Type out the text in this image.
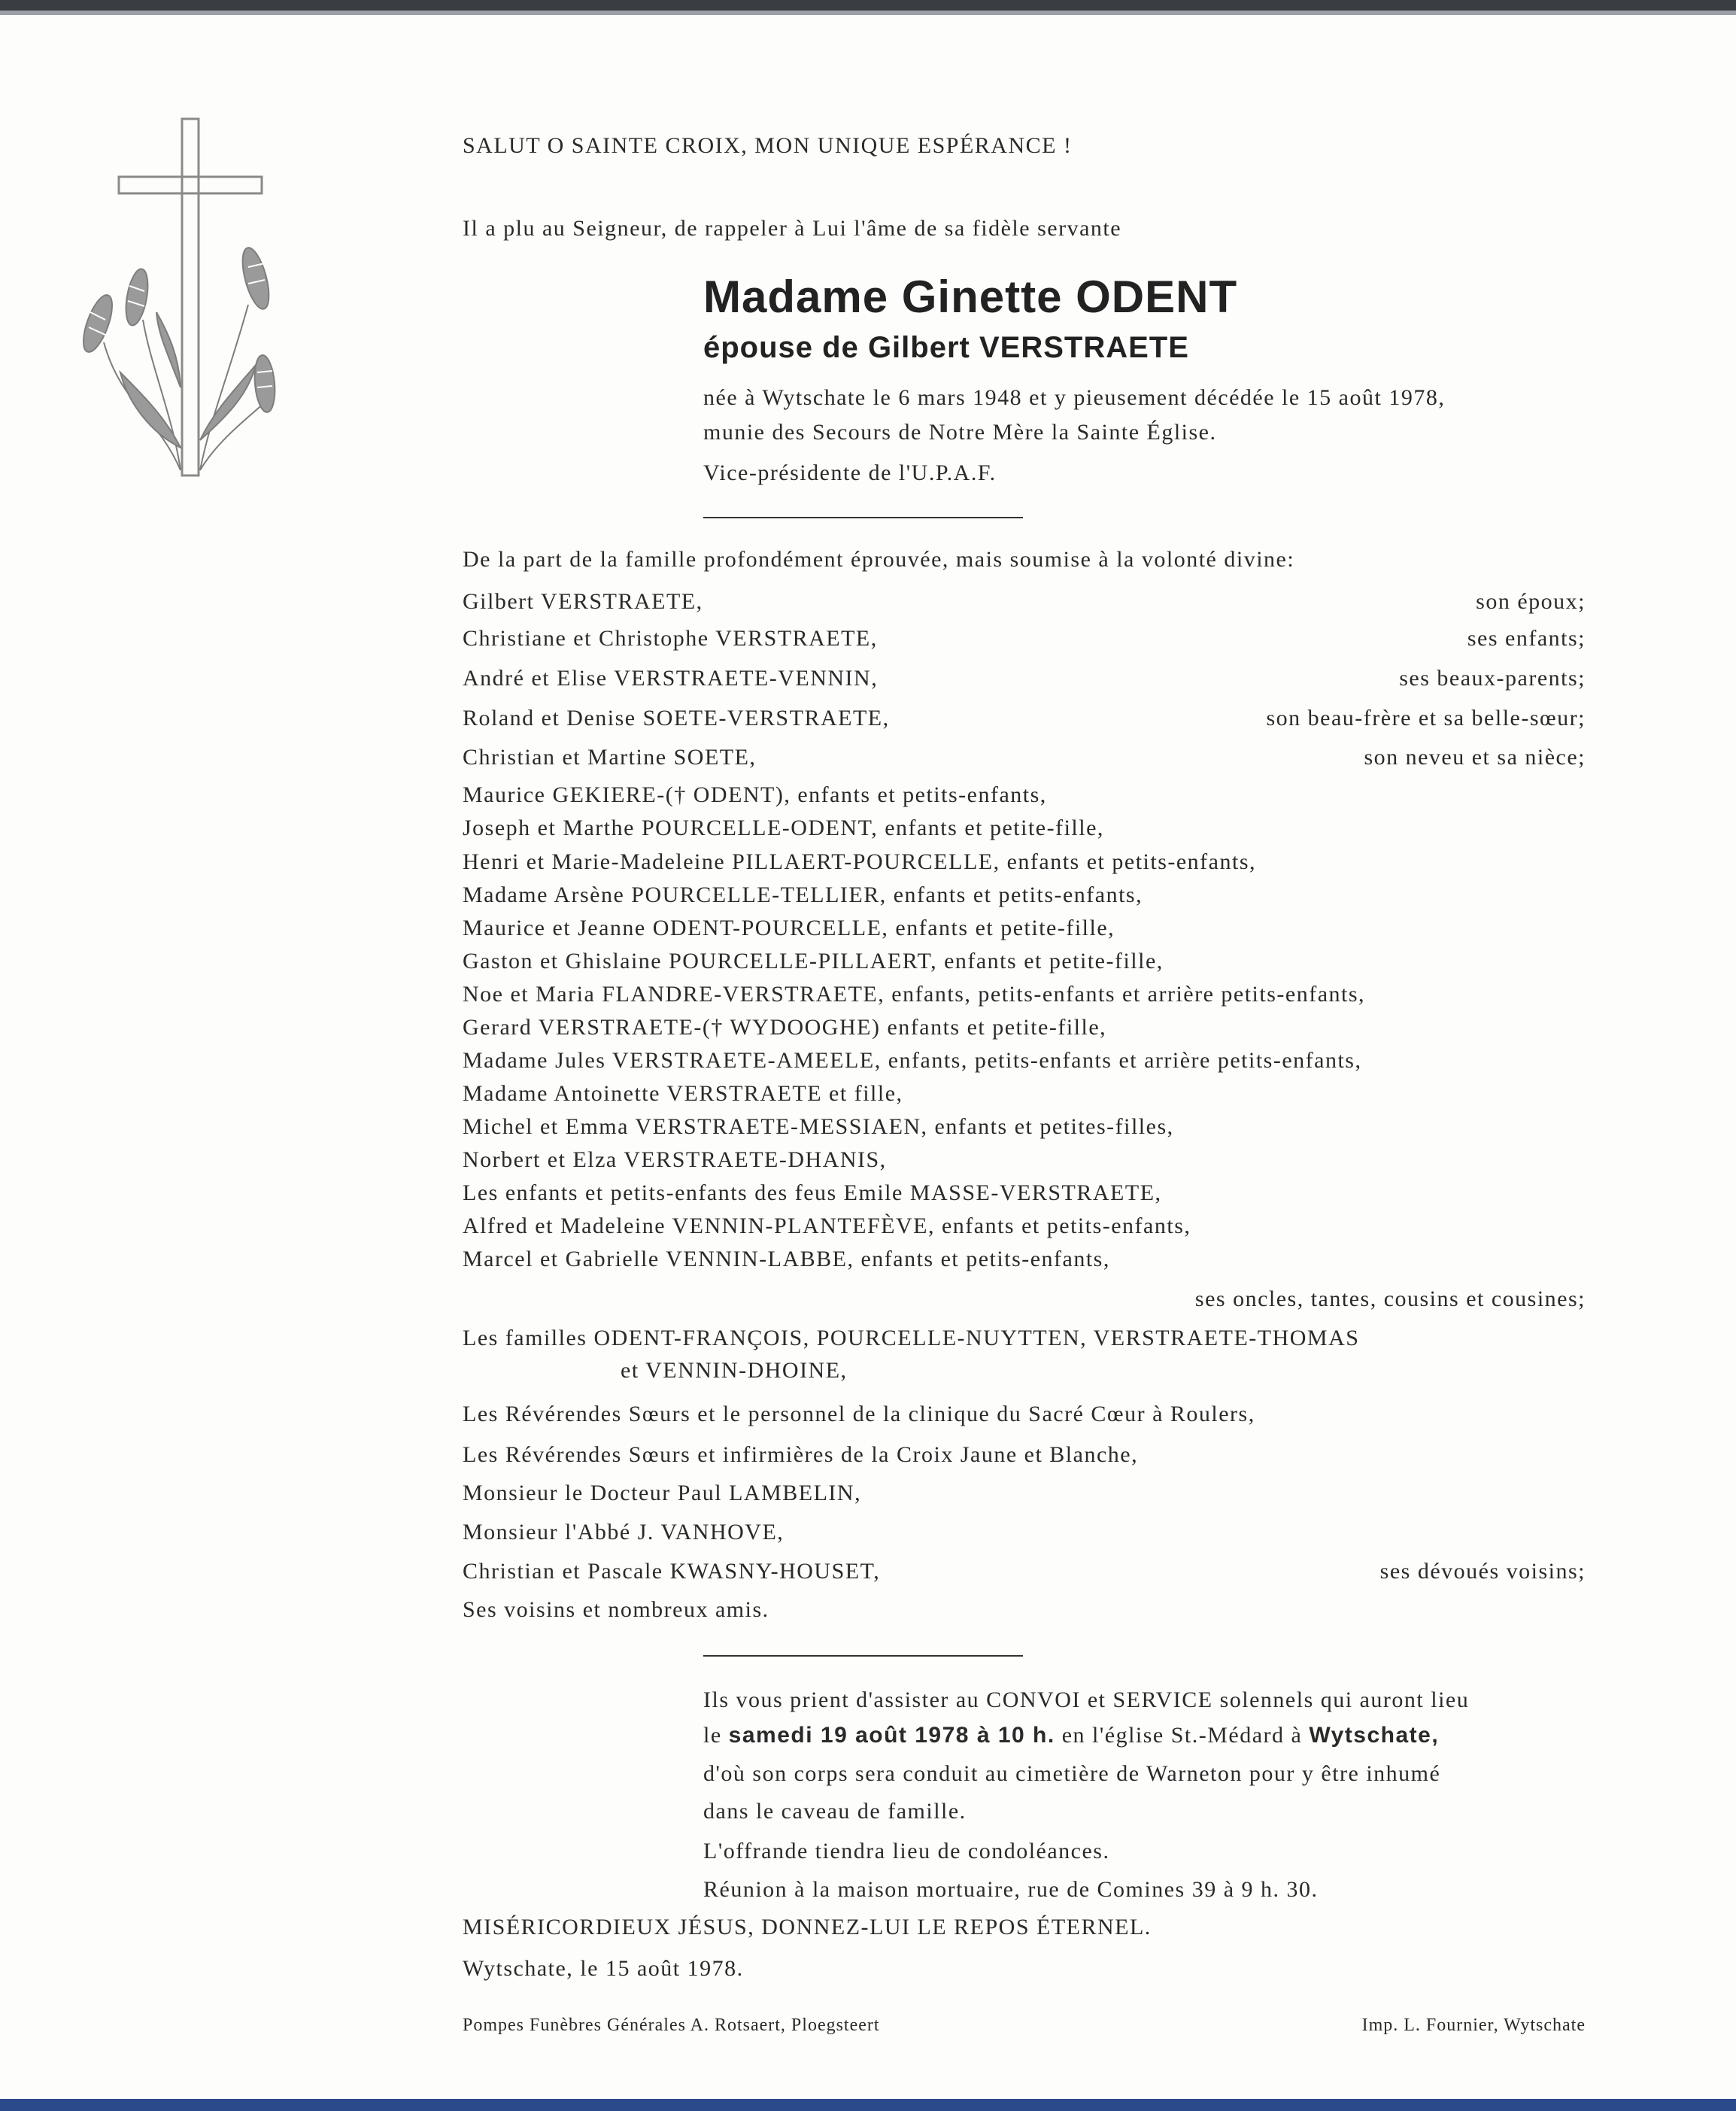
SALUT O SAINTE CROIX, MON UNIQUE ESPÉRANCE !
Il a plu au Seigneur, de rappeler à Lui l'âme de sa fidèle servante
Madame Ginette ODENT
épouse de Gilbert VERSTRAETE
née à Wytschate le 6 mars 1948 et y pieusement décédée le 15 août 1978,
munie des Secours de Notre Mère la Sainte Église.
Vice-présidente de l'U.P.A.F.
De la part de la famille profondément éprouvée, mais soumise à la volonté divine:
Gilbert VERSTRAETE,	son époux;
Christiane et Christophe VERSTRAETE,	ses enfants;
André et Elise VERSTRAETE-VENNIN,	ses beaux-parents;
Roland et Denise SOETE-VERSTRAETE,	son beau-frère et sa belle-sœur;
Christian et Martine SOETE,	son neveu et sa nièce;
Maurice GEKIERE-(† ODENT), enfants et petits-enfants,
Joseph et Marthe POURCELLE-ODENT, enfants et petite-fille,
Henri et Marie-Madeleine PILLAERT-POURCELLE, enfants et petits-enfants,
Madame Arsène POURCELLE-TELLIER, enfants et petits-enfants,
Maurice et Jeanne ODENT-POURCELLE, enfants et petite-fille,
Gaston et Ghislaine POURCELLE-PILLAERT, enfants et petite-fille,
Noe et Maria FLANDRE-VERSTRAETE, enfants, petits-enfants et arrière petits-enfants,
Gerard VERSTRAETE-(† WYDOOGHE) enfants et petite-fille,
Madame Jules VERSTRAETE-AMEELE, enfants, petits-enfants et arrière petits-enfants,
Madame Antoinette VERSTRAETE et fille,
Michel et Emma VERSTRAETE-MESSIAEN, enfants et petites-filles,
Norbert et Elza VERSTRAETE-DHANIS,
Les enfants et petits-enfants des feus Emile MASSE-VERSTRAETE,
Alfred et Madeleine VENNIN-PLANTEFÈVE, enfants et petits-enfants,
Marcel et Gabrielle VENNIN-LABBE, enfants et petits-enfants,
ses oncles, tantes, cousins et cousines;
Les familles ODENT-FRANÇOIS, POURCELLE-NUYTTEN, VERSTRAETE-THOMAS
et VENNIN-DHOINE,
Les Révérendes Sœurs et le personnel de la clinique du Sacré Cœur à Roulers,
Les Révérendes Sœurs et infirmières de la Croix Jaune et Blanche,
Monsieur le Docteur Paul LAMBELIN,
Monsieur l'Abbé J. VANHOVE,
Christian et Pascale KWASNY-HOUSET,	ses dévoués voisins;
Ses voisins et nombreux amis.
Ils vous prient d'assister au CONVOI et SERVICE solennels qui auront lieu
le samedi 19 août 1978 à 10 h. en l'église St.-Médard à Wytschate,
d'où son corps sera conduit au cimetière de Warneton pour y être inhumé
dans le caveau de famille.
L'offrande tiendra lieu de condoléances.
Réunion à la maison mortuaire, rue de Comines 39 à 9 h. 30.
MISÉRICORDIEUX JÉSUS, DONNEZ-LUI LE REPOS ÉTERNEL.
Wytschate, le 15 août 1978.
Pompes Funèbres Générales A. Rotsaert, Ploegsteert	Imp. L. Fournier, Wytschate
